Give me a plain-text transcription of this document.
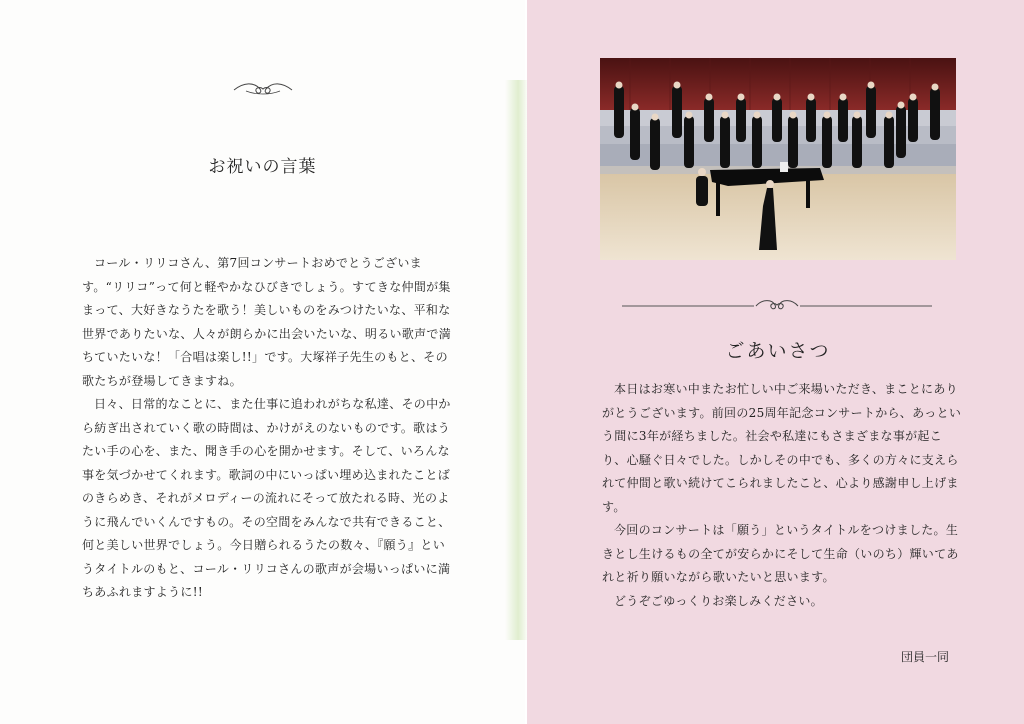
お祝いの言葉

コール・リリコさん、第7回コンサートおめでとうございます。“リリコ”って何と軽やかなひびきでしょう。すてきな仲間が集まって、大好きなうたを歌う！美しいものをみつけたいな、平和な世界でありたいな、人々が朗らかに出会いたいな、明るい歌声で満ちていたいな！「合唱は楽し!!」です。大塚祥子先生のもと、その歌たちが登場してきますね。

日々、日常的なことに、また仕事に追われがちな私達、その中から紡ぎ出されていく歌の時間は、かけがえのないものです。歌はうたい手の心を、また、聞き手の心を開かせます。そして、いろんな事を気づかせてくれます。歌詞の中にいっぱい埋め込まれたことばのきらめき、それがメロディーの流れにそって放たれる時、光のように飛んでいくんですもの。その空間をみんなで共有できること、何と美しい世界でしょう。今日贈られるうたの数々、『願う』というタイトルのもと、コール・リリコさんの歌声が会場いっぱいに満ちあふれますように!!

ごあいさつ

本日はお寒い中またお忙しい中ご来場いただき、まことにありがとうございます。前回の25周年記念コンサートから、あっという間に3年が経ちました。社会や私達にもさまざまな事が起こり、心騒ぐ日々でした。しかしその中でも、多くの方々に支えられて仲間と歌い続けてこられましたこと、心より感謝申し上げます。

今回のコンサートは「願う」というタイトルをつけました。生きとし生けるもの全てが安らかにそして生命（いのち）輝いてあれと祈り願いながら歌いたいと思います。

どうぞごゆっくりお楽しみください。

団員一同
